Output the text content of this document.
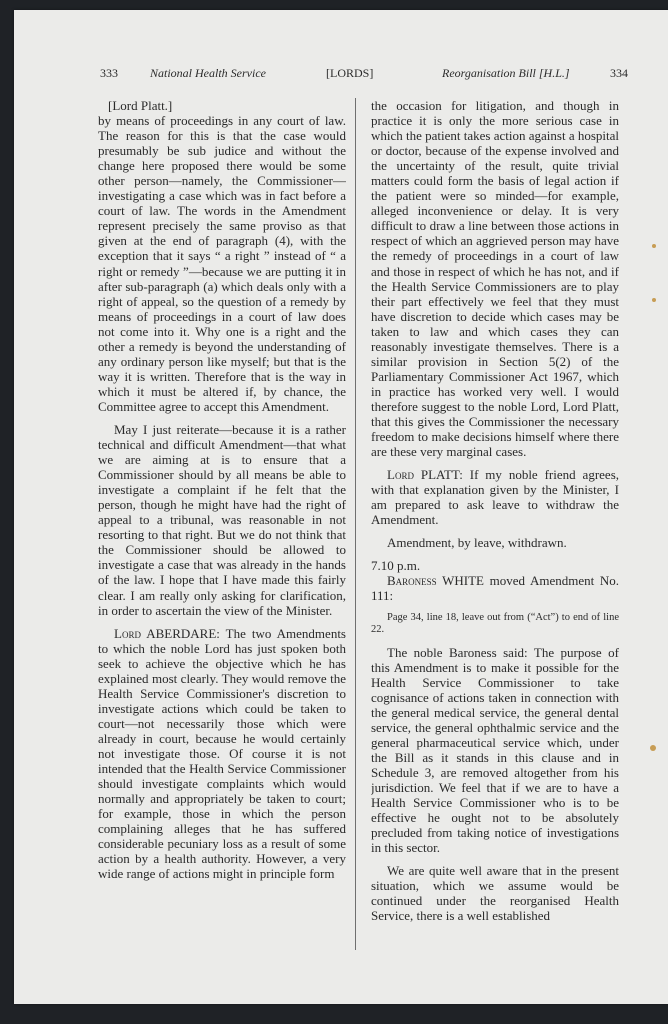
333	National Health Service	[LORDS]	Reorganisation Bill [H.L.]	334

[Lord Platt.]

by means of proceedings in any court of law. The reason for this is that the case would presumably be sub judice and without the change here proposed there would be some other person—namely, the Commissioner—investigating a case which was in fact before a court of law. The words in the Amendment represent precisely the same proviso as that given at the end of paragraph (4), with the exception that it says “ a right ” instead of “ a right or remedy ”—because we are putting it in after sub-paragraph (a) which deals only with a right of appeal, so the question of a remedy by means of proceedings in a court of law does not come into it. Why one is a right and the other a remedy is beyond the understanding of any ordinary person like myself; but that is the way it is written. Therefore that is the way in which it must be altered if, by chance, the Committee agree to accept this Amendment.

May I just reiterate—because it is a rather technical and difficult Amendment—that what we are aiming at is to ensure that a Commissioner should by all means be able to investigate a complaint if he felt that the person, though he might have had the right of appeal to a tribunal, was reasonable in not resorting to that right. But we do not think that the Commissioner should be allowed to investigate a case that was already in the hands of the law. I hope that I have made this fairly clear. I am really only asking for clarification, in order to ascertain the view of the Minister.

Lord ABERDARE: The two Amendments to which the noble Lord has just spoken both seek to achieve the objective which he has explained most clearly. They would remove the Health Service Commissioner's discretion to investigate actions which could be taken to court—not necessarily those which were already in court, because he would certainly not investigate those. Of course it is not intended that the Health Service Commissioner should investigate complaints which would normally and appropriately be taken to court; for example, those in which the person complaining alleges that he has suffered considerable pecuniary loss as a result of some action by a health authority. However, a very wide range of actions might in principle form

the occasion for litigation, and though in practice it is only the more serious case in which the patient takes action against a hospital or doctor, because of the expense involved and the uncertainty of the result, quite trivial matters could form the basis of legal action if the patient were so minded—for example, alleged inconvenience or delay. It is very difficult to draw a line between those actions in respect of which an aggrieved person may have the remedy of proceedings in a court of law and those in respect of which he has not, and if the Health Service Commissioners are to play their part effectively we feel that they must have discretion to decide which cases may be taken to law and which cases they can reasonably investigate themselves. There is a similar provision in Section 5(2) of the Parliamentary Commissioner Act 1967, which in practice has worked very well. I would therefore suggest to the noble Lord, Lord Platt, that this gives the Commissioner the necessary freedom to make decisions himself where there are these very marginal cases.

Lord PLATT: If my noble friend agrees, with that explanation given by the Minister, I am prepared to ask leave to withdraw the Amendment.

Amendment, by leave, withdrawn.

7.10 p.m.

Baroness WHITE moved Amendment No. 111:

Page 34, line 18, leave out from (“Act”) to end of line 22.

The noble Baroness said: The purpose of this Amendment is to make it possible for the Health Service Commissioner to take cognisance of actions taken in connection with the general medical service, the general dental service, the general ophthalmic service and the general pharmaceutical service which, under the Bill as it stands in this clause and in Schedule 3, are removed altogether from his jurisdiction. We feel that if we are to have a Health Service Commissioner who is to be effective he ought not to be absolutely precluded from taking notice of investigations in this sector.

We are quite well aware that in the present situation, which we assume would be continued under the reorganised Health Service, there is a well established
